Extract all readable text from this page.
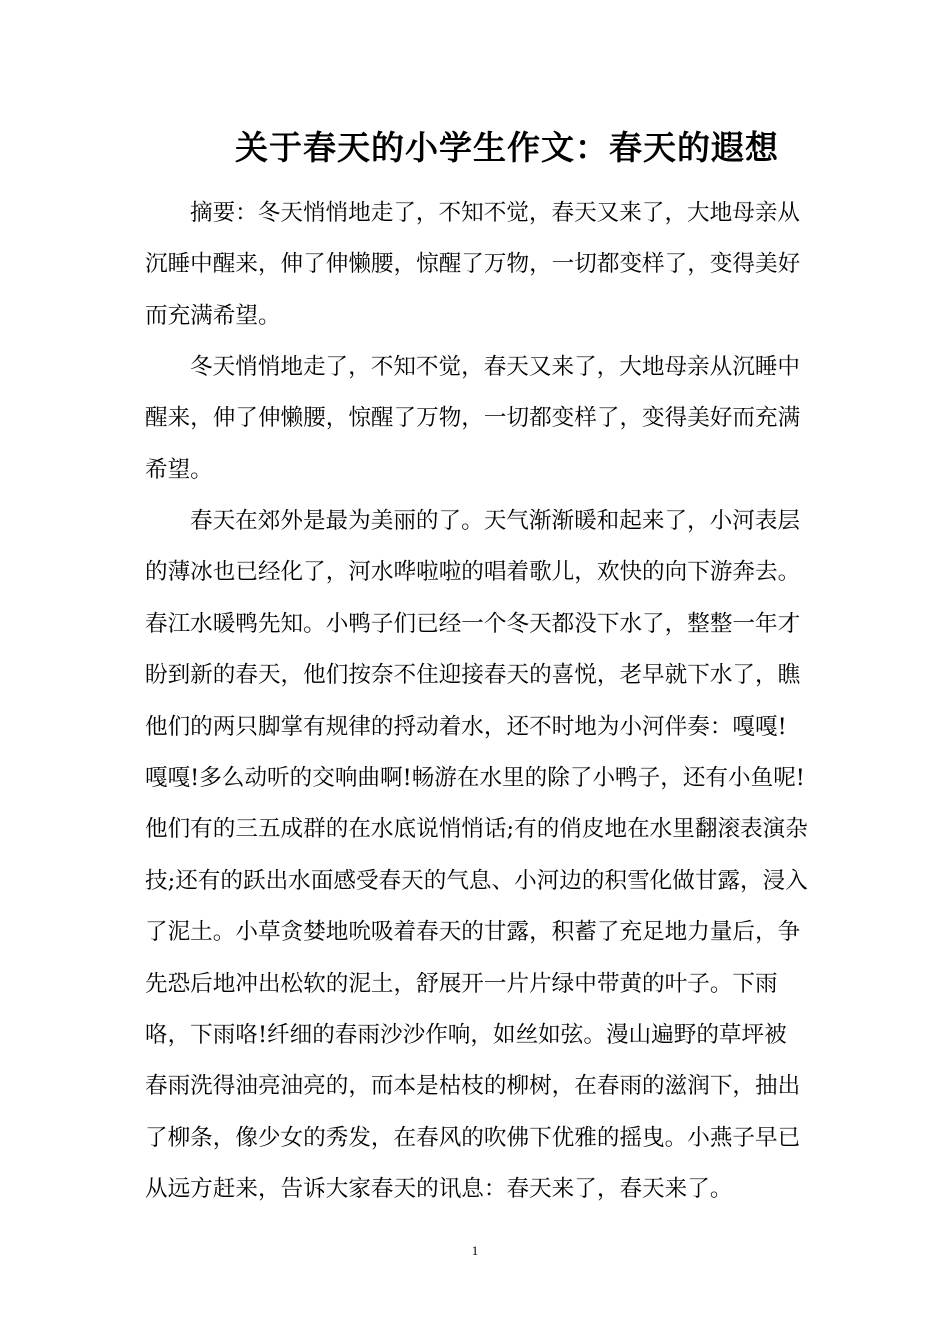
关于春天的小学生作文：春天的遐想

摘要：冬天悄悄地走了，不知不觉，春天又来了，大地母亲从沉睡中醒来，伸了伸懒腰，惊醒了万物，一切都变样了，变得美好而充满希望。

冬天悄悄地走了，不知不觉，春天又来了，大地母亲从沉睡中醒来，伸了伸懒腰，惊醒了万物，一切都变样了，变得美好而充满希望。

春天在郊外是最为美丽的了。天气渐渐暖和起来了，小河表层的薄冰也已经化了，河水哗啦啦的唱着歌儿，欢快的向下游奔去。春江水暖鸭先知。小鸭子们已经一个冬天都没下水了，整整一年才盼到新的春天，他们按奈不住迎接春天的喜悦，老早就下水了，瞧他们的两只脚掌有规律的捋动着水，还不时地为小河伴奏：嘎嘎!嘎嘎!多么动听的交响曲啊!畅游在水里的除了小鸭子，还有小鱼呢!他们有的三五成群的在水底说悄悄话;有的俏皮地在水里翻滚表演杂技;还有的跃出水面感受春天的气息、小河边的积雪化做甘露，浸入了泥土。小草贪婪地吮吸着春天的甘露，积蓄了充足地力量后，争先恐后地冲出松软的泥土，舒展开一片片绿中带黄的叶子。下雨咯，下雨咯!纤细的春雨沙沙作响，如丝如弦。漫山遍野的草坪被春雨洗得油亮油亮的，而本是枯枝的柳树，在春雨的滋润下，抽出了柳条，像少女的秀发，在春风的吹佛下优雅的摇曳。小燕子早已从远方赶来，告诉大家春天的讯息：春天来了，春天来了。

1
